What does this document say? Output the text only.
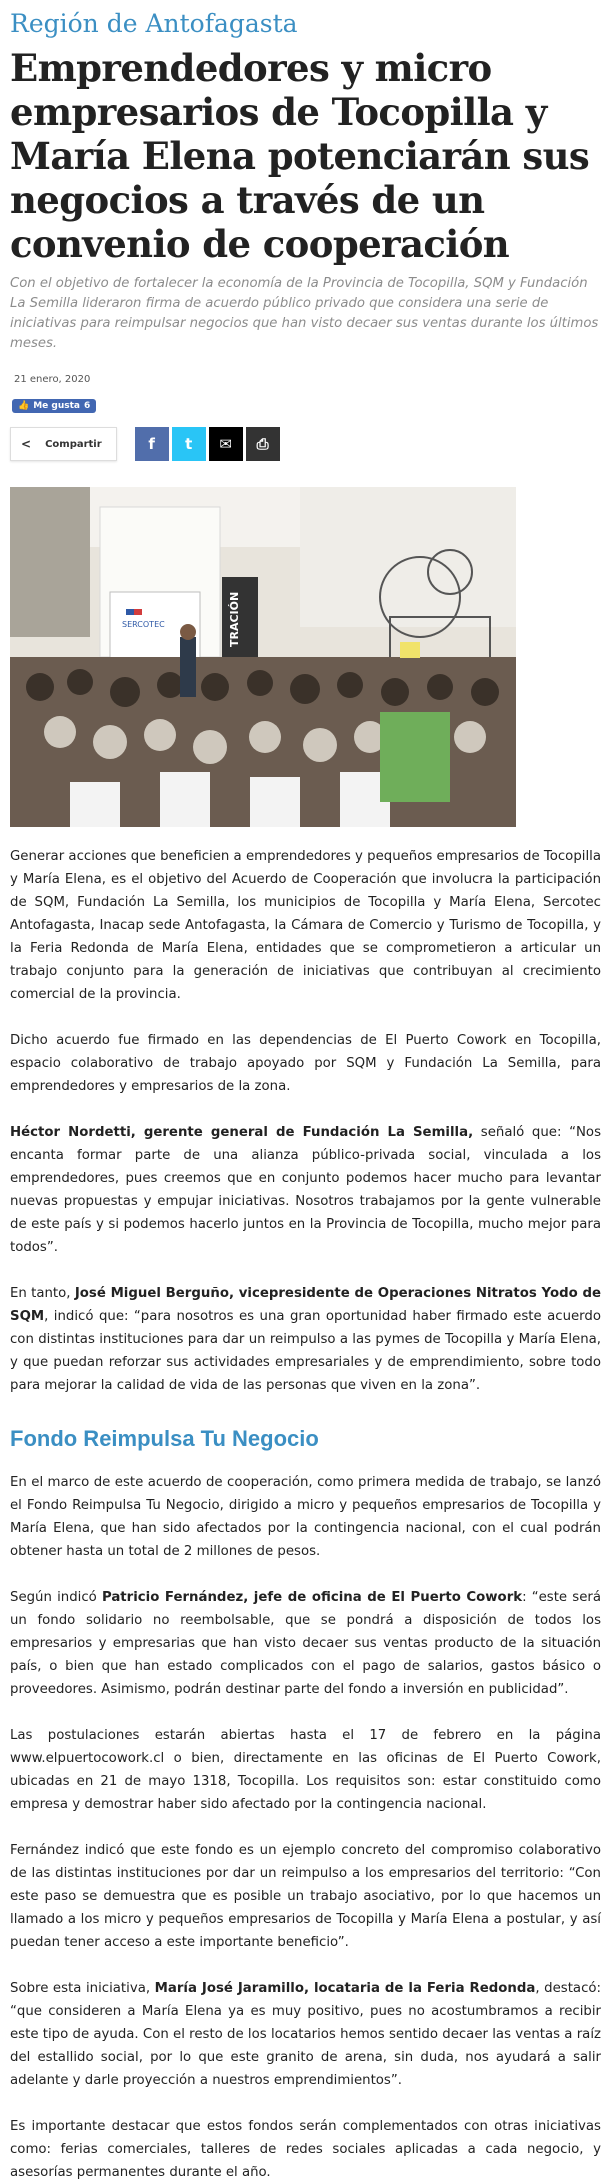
Región de Antofagasta
Emprendedores y micro empresarios de Tocopilla y María Elena potenciarán sus negocios a través de un convenio de cooperación
Con el objetivo de fortalecer la economía de la Provincia de Tocopilla, SQM y Fundación La Semilla lideraron firma de acuerdo público privado que considera una serie de iniciativas para reimpulsar negocios que han visto decaer sus ventas durante los últimos meses.
21 enero, 2020
👍 Me gusta 6
< Compartir	f t ✉ ⎙
SERCOTEC	TRACIÓN

Generar acciones que beneficien a emprendedores y pequeños empresarios de Tocopilla y María Elena, es el objetivo del Acuerdo de Cooperación que involucra la participación de SQM, Fundación La Semilla, los municipios de Tocopilla y María Elena, Sercotec Antofagasta, Inacap sede Antofagasta, la Cámara de Comercio y Turismo de Tocopilla, y la Feria Redonda de María Elena, entidades que se comprometieron a articular un trabajo conjunto para la generación de iniciativas que contribuyan al crecimiento comercial de la provincia.

Dicho acuerdo fue firmado en las dependencias de El Puerto Cowork en Tocopilla, espacio colaborativo de trabajo apoyado por SQM y Fundación La Semilla, para emprendedores y empresarios de la zona.

Héctor Nordetti, gerente general de Fundación La Semilla, señaló que: “Nos encanta formar parte de una alianza público-privada social, vinculada a los emprendedores, pues creemos que en conjunto podemos hacer mucho para levantar nuevas propuestas y empujar iniciativas. Nosotros trabajamos por la gente vulnerable de este país y si podemos hacerlo juntos en la Provincia de Tocopilla, mucho mejor para todos”.

En tanto, José Miguel Berguño, vicepresidente de Operaciones Nitratos Yodo de SQM, indicó que: “para nosotros es una gran oportunidad haber firmado este acuerdo con distintas instituciones para dar un reimpulso a las pymes de Tocopilla y María Elena, y que puedan reforzar sus actividades empresariales y de emprendimiento, sobre todo para mejorar la calidad de vida de las personas que viven en la zona”.

Fondo Reimpulsa Tu Negocio

En el marco de este acuerdo de cooperación, como primera medida de trabajo, se lanzó el Fondo Reimpulsa Tu Negocio, dirigido a micro y pequeños empresarios de Tocopilla y María Elena, que han sido afectados por la contingencia nacional, con el cual podrán obtener hasta un total de 2 millones de pesos.

Según indicó Patricio Fernández, jefe de oficina de El Puerto Cowork: “este será un fondo solidario no reembolsable, que se pondrá a disposición de todos los empresarios y empresarias que han visto decaer sus ventas producto de la situación país, o bien que han estado complicados con el pago de salarios, gastos básico o proveedores. Asimismo, podrán destinar parte del fondo a inversión en publicidad”.

Las postulaciones estarán abiertas hasta el 17 de febrero en la página www.elpuertocowork.cl o bien, directamente en las oficinas de El Puerto Cowork, ubicadas en 21 de mayo 1318, Tocopilla. Los requisitos son: estar constituido como empresa y demostrar haber sido afectado por la contingencia nacional.

Fernández indicó que este fondo es un ejemplo concreto del compromiso colaborativo de las distintas instituciones por dar un reimpulso a los empresarios del territorio: “Con este paso se demuestra que es posible un trabajo asociativo, por lo que hacemos un llamado a los micro y pequeños empresarios de Tocopilla y María Elena a postular, y así puedan tener acceso a este importante beneficio”.

Sobre esta iniciativa, María José Jaramillo, locataria de la Feria Redonda, destacó: “que consideren a María Elena ya es muy positivo, pues no acostumbramos a recibir este tipo de ayuda. Con el resto de los locatarios hemos sentido decaer las ventas a raíz del estallido social, por lo que este granito de arena, sin duda, nos ayudará a salir adelante y darle proyección a nuestros emprendimientos”.

Es importante destacar que estos fondos serán complementados con otras iniciativas como: ferias comerciales, talleres de redes sociales aplicadas a cada negocio, y asesorías permanentes durante el año.
